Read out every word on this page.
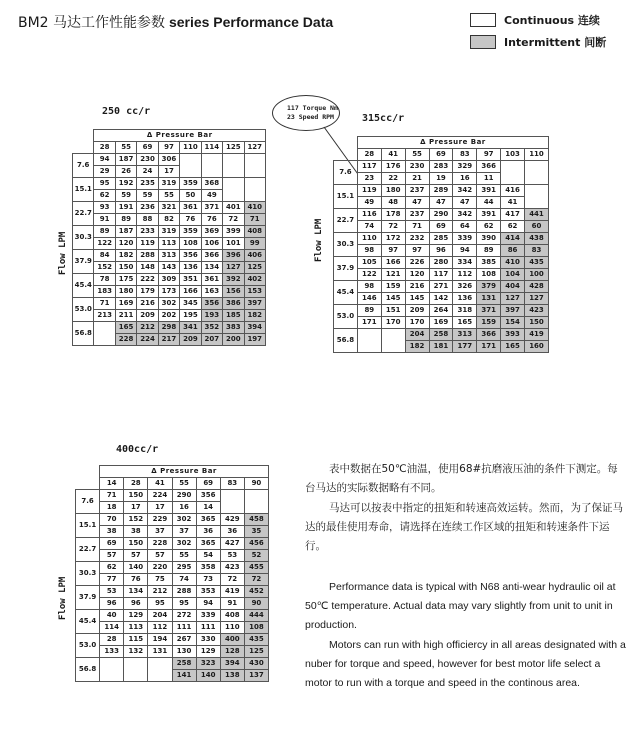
BM2 马达工作性能参数 series Performance Data	Continuous 连续
Intermittent 间断
250 cc/r
315cc/r
400cc/r
117 Torque Nm
23 Speed RPM
Flow LPM	Flow LPM
Flow LPM
	Δ Pressure Bar							
	28	55	69	97	110	114	125	127
7.6	94	187	230	306				
	29	26	24	17				
15.1	95	192	235	319	359	368		
	62	59	59	55	50	49		
22.7	93	191	236	321	361	371	401	410
	91	89	88	82	76	76	72	71
30.3	89	187	233	319	359	369	399	408
	122	120	119	113	108	106	101	99
37.9	84	182	288	313	356	366	396	406
	152	150	148	143	136	134	127	125
45.4	78	175	222	309	351	361	392	402
	183	180	179	173	166	163	156	153
53.0	71	169	216	302	345	356	386	397
	213	211	209	202	195	193	185	182
56.8		165	212	298	341	352	383	394
		228	224	217	209	207	200	197
	Δ Pressure Bar							
	28	41	55	69	83	97	103	110
7.6	117	176	230	283	329	366		
	23	22	21	19	16	11		
15.1	119	180	237	289	342	391	416	
	49	48	47	47	47	44	41	
22.7	116	178	237	290	342	391	417	441
	74	72	71	69	64	62	62	60
30.3	110	172	232	285	339	390	414	438
	98	97	97	96	94	89	86	83
37.9	105	166	226	280	334	385	410	435
	122	121	120	117	112	108	104	100
45.4	98	159	216	271	326	379	404	428
	146	145	145	142	136	131	127	127
53.0	89	151	209	264	318	371	397	423
	171	170	170	169	165	159	154	150
56.8			204	258	313	366	393	419
			182	181	177	171	165	160
	Δ Pressure Bar						
	14	28	41	55	69	83	90
7.6	71	150	224	290	356		
	18	17	17	16	14		
15.1	70	152	229	302	365	429	458
	38	38	37	37	36	36	35
22.7	69	150	228	302	365	427	456
	57	57	57	55	54	53	52
30.3	62	140	220	295	358	423	455
	77	76	75	74	73	72	72
37.9	53	134	212	288	353	419	452
	96	96	95	95	94	91	90
45.4	40	129	204	272	339	408	444
	114	113	112	111	111	110	108
53.0	28	115	194	267	330	400	435
	133	132	131	130	129	128	125
56.8				258	323	394	430
				141	140	138	137
表中数据在50℃油温，使用68#抗磨液压油的条件下测定。每台马达的实际数据略有不同。
马达可以按表中指定的扭矩和转速高效运转。然而，为了保证马达的最佳使用寿命，请选择在连续工作区域的扭矩和转速条件下运行。
Performance data is typical with N68 anti-wear hydraulic oil at 50℃ temperature. Actual data may vary slightly from unit to unit in production.
Motors can run with high officiercy in all areas designated with a nuber for torque and speed, however for best motor life select a motor to run with a torque and speed in the continous area.
